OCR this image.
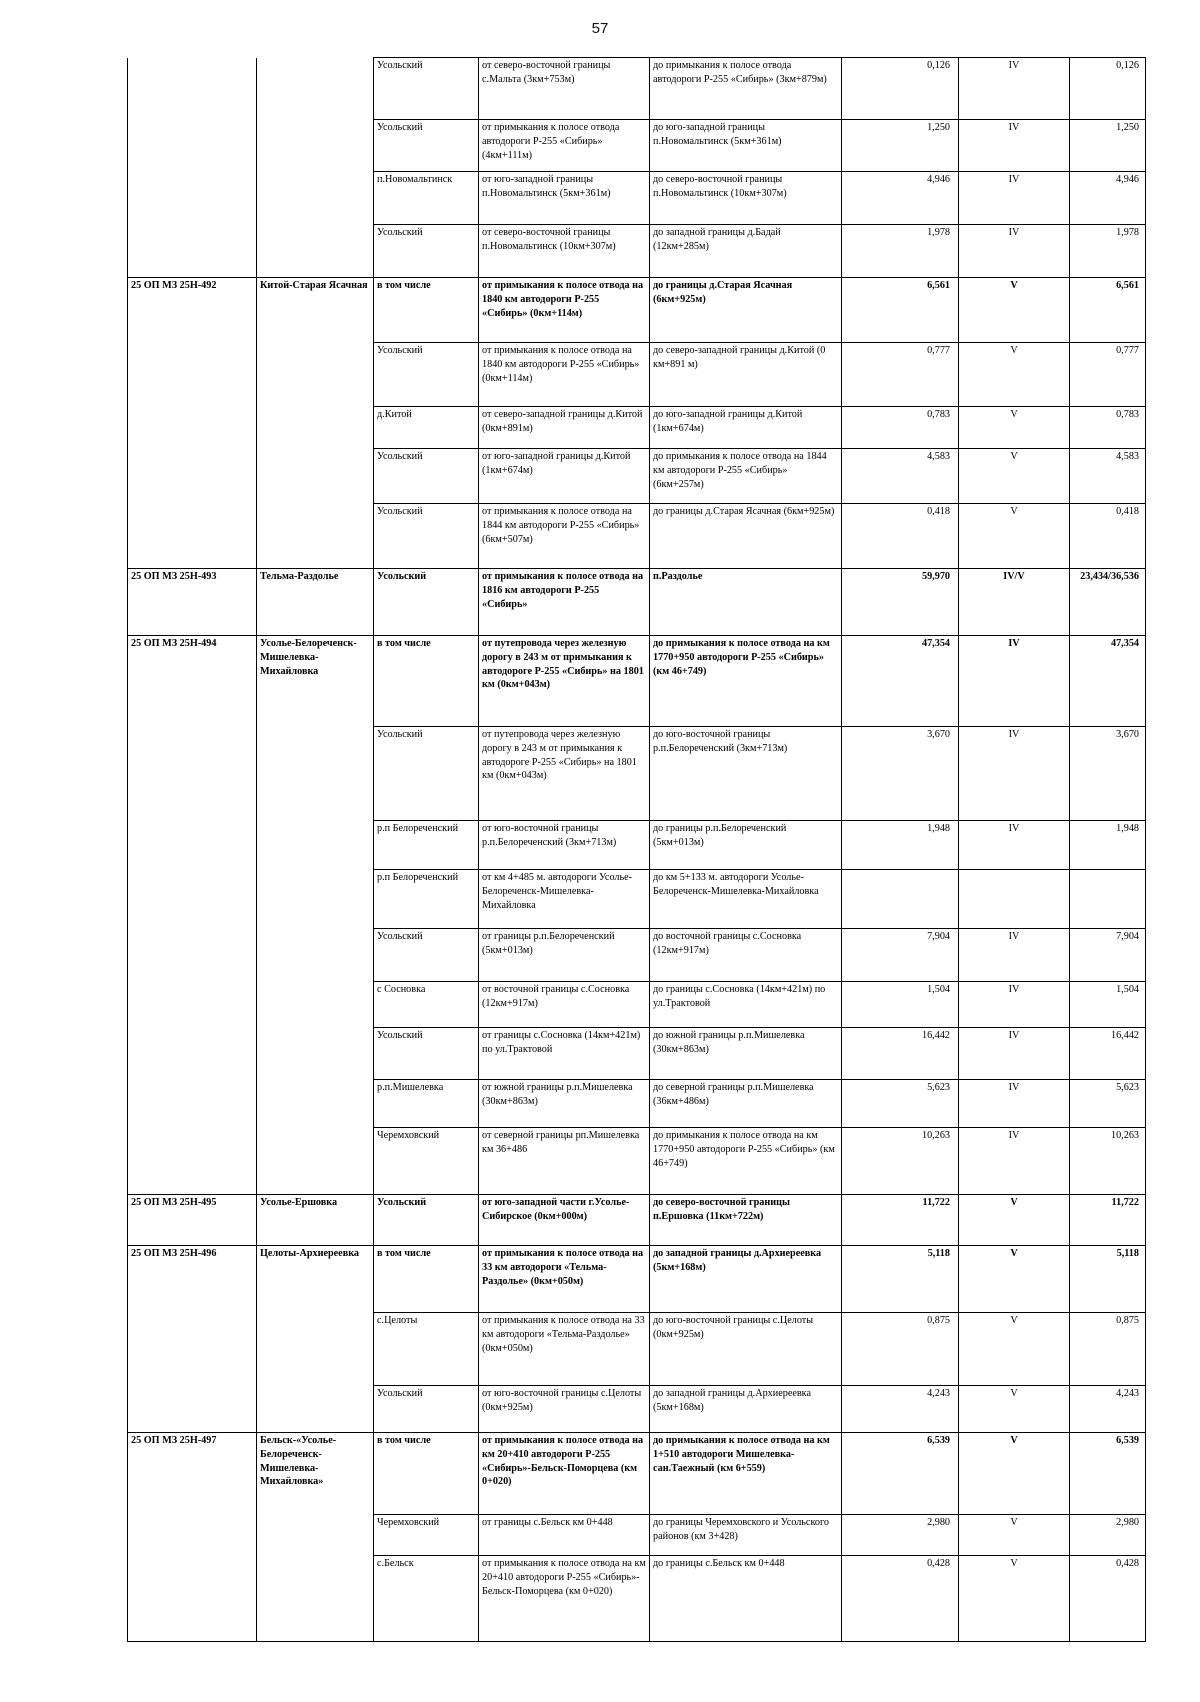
57
		Усольский	от северо-восточной границы с.Мальта (3км+753м)	до примыкания к полосе отвода автодороги Р-255 «Сибирь» (3км+879м)	0,126	IV	0,126
		Усольский	от примыкания к полосе отвода автодороги Р-255 «Сибирь» (4км+111м)	до юго-западной границы п.Новомальтинск (5км+361м)	1,250	IV	1,250
		п.Новомальтинск	от юго-западной границы п.Новомальтинск (5км+361м)	до северо-восточной границы п.Новомальтинск (10км+307м)	4,946	IV	4,946
		Усольский	от северо-восточной границы п.Новомальтинск (10км+307м)	до западной границы д.Бадай (12км+285м)	1,978	IV	1,978
25 ОП МЗ 25Н-492	Китой-Старая Ясачная	в том числе	от примыкания к полосе отвода на 1840 км автодороги Р-255 «Сибирь» (0км+114м)	до границы д.Старая Ясачная (6км+925м)	6,561	V	6,561
		Усольский	от примыкания к полосе отвода на 1840 км автодороги Р-255 «Сибирь» (0км+114м)	до северо-западной границы д.Китой (0 км+891 м)	0,777	V	0,777
		д.Китой	от северо-западной границы д.Китой (0км+891м)	до юго-западной границы д.Китой (1км+674м)	0,783	V	0,783
		Усольский	от юго-западной границы д.Китой (1км+674м)	до примыкания к полосе отвода на 1844 км автодороги Р-255 «Сибирь» (6км+257м)	4,583	V	4,583
		Усольский	от примыкания к полосе отвода на 1844 км автодороги Р-255 «Сибирь» (6км+507м)	до границы д.Старая Ясачная (6км+925м)	0,418	V	0,418
25 ОП МЗ 25Н-493	Тельма-Раздолье	Усольский	от примыкания к полосе отвода на 1816 км автодороги Р-255 «Сибирь»	п.Раздолье	59,970	IV/V	23,434/36,536
25 ОП МЗ 25Н-494	Усолье-Белореченск-Мишелевка-Михайловка	в том числе	от путепровода через железную дорогу в 243 м от примыкания к автодороге Р-255 «Сибирь» на 1801 км (0км+043м)	до примыкания к полосе отвода на км 1770+950 автодороги Р-255 «Сибирь» (км 46+749)	47,354	IV	47,354
		Усольский	от путепровода через железную дорогу в 243 м от примыкания к автодороге Р-255 «Сибирь» на 1801 км (0км+043м)	до юго-восточной границы р.п.Белореченский (3км+713м)	3,670	IV	3,670
		р.п Белореченский	от юго-восточной границы р.п.Белореченский (3км+713м)	до границы р.п.Белореченский (5км+013м)	1,948	IV	1,948
		р.п Белореченский	от км 4+485 м. автодороги Усолье-Белореченск-Мишелевка-Михайловка	до км 5+133 м. автодороги Усолье-Белореченск-Мишелевка-Михайловка			
		Усольский	от границы р.п.Белореченский (5км+013м)	до восточной границы с.Сосновка (12км+917м)	7,904	IV	7,904
		с Сосновка	от восточной границы с.Сосновка (12км+917м)	до границы с.Сосновка (14км+421м) по ул.Трактовой	1,504	IV	1,504
		Усольский	от границы с.Сосновка (14км+421м) по ул.Трактовой	до южной границы р.п.Мишелевка (30км+863м)	16,442	IV	16,442
		р.п.Мишелевка	от южной границы р.п.Мишелевка (30км+863м)	до северной границы р.п.Мишелевка (36км+486м)	5,623	IV	5,623
		Черемховский	от северной границы рп.Мишелевка км 36+486	до примыкания к полосе отвода на км 1770+950 автодороги Р-255 «Сибирь» (км 46+749)	10,263	IV	10,263
25 ОП МЗ 25Н-495	Усолье-Ершовка	Усольский	от юго-западной части г.Усолье-Сибирское (0км+000м)	до северо-восточной границы п.Ершовка (11км+722м)	11,722	V	11,722
25 ОП МЗ 25Н-496	Целоты-Архиереевка	в том числе	от примыкания к полосе отвода на 33 км автодороги «Тельма-Раздолье» (0км+050м)	до западной границы д.Архиереевка (5км+168м)	5,118	V	5,118
		с.Целоты	от примыкания к полосе отвода на 33 км автодороги «Тельма-Раздолье» (0км+050м)	до юго-восточной границы с.Целоты (0км+925м)	0,875	V	0,875
		Усольский	от юго-восточной границы с.Целоты (0км+925м)	до западной границы д.Архиереевка (5км+168м)	4,243	V	4,243
25 ОП МЗ 25Н-497	Бельск-«Усолье-Белореченск-Мишелевка-Михайловка»	в том числе	от примыкания к полосе отвода на км 20+410 автодороги Р-255 «Сибирь»-Бельск-Поморцева (км 0+020)	до примыкания к полосе отвода на км 1+510 автодороги Мишелевка-сан.Таежный (км 6+559)	6,539	V	6,539
		Черемховский	от границы с.Бельск км 0+448	до границы Черемховского и Усольского районов (км 3+428)	2,980	V	2,980
		с.Бельск	от примыкания к полосе отвода на км 20+410 автодороги Р-255 «Сибирь»-Бельск-Поморцева (км 0+020)	до границы с.Бельск км 0+448	0,428	V	0,428
